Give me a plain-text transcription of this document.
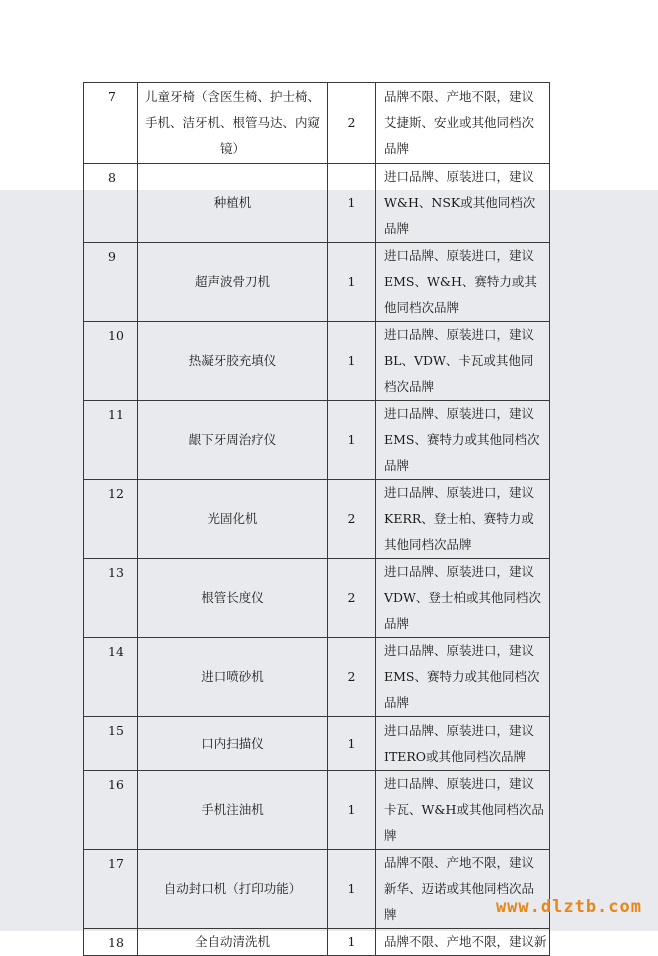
7	儿童牙椅（含医生椅、护士椅、手机、洁牙机、根管马达、内窥镜）	2	品牌不限、产地不限，建议艾捷斯、安业或其他同档次品牌
8	种植机	1	进口品牌、原装进口，建议W&H、NSK或其他同档次品牌
9	超声波骨刀机	1	进口品牌、原装进口，建议EMS、W&H、赛特力或其他同档次品牌
10	热凝牙胶充填仪	1	进口品牌、原装进口，建议BL、VDW、卡瓦或其他同档次品牌
11	龈下牙周治疗仪	1	进口品牌、原装进口，建议EMS、赛特力或其他同档次品牌
12	光固化机	2	进口品牌、原装进口，建议KERR、登士柏、赛特力或其他同档次品牌
13	根管长度仪	2	进口品牌、原装进口，建议VDW、登士柏或其他同档次品牌
14	进口喷砂机	2	进口品牌、原装进口，建议EMS、赛特力或其他同档次品牌
15	口内扫描仪	1	进口品牌、原装进口，建议ITERO或其他同档次品牌
16	手机注油机	1	进口品牌、原装进口，建议卡瓦、W&H或其他同档次品牌
17	自动封口机（打印功能）	1	品牌不限、产地不限，建议新华、迈诺或其他同档次品牌
18	全自动清洗机	1	品牌不限、产地不限，建议新
www.dlztb.com
